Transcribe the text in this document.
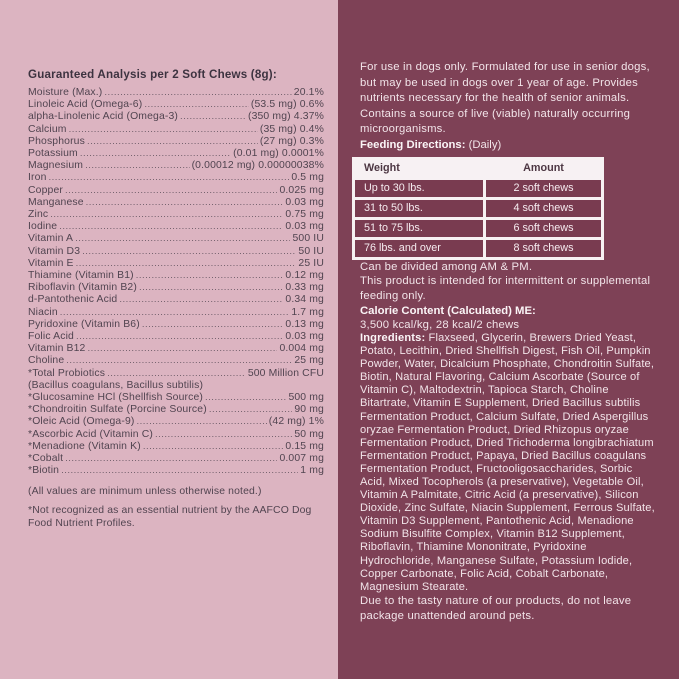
Guaranteed Analysis per 2 Soft Chews (8g):

Moisture (Max.) .....	20.1%
Linoleic Acid (Omega-6) .....	(53.5 mg) 0.6%
alpha-Linolenic Acid (Omega-3) .....	(350 mg) 4.37%
Calcium .....	(35 mg) 0.4%
Phosphorus .....	(27 mg) 0.3%
Potassium .....	(0.01 mg) 0.0001%
Magnesium .....	(0.00012 mg) 0.00000038%
Iron .....	0.5 mg
Copper .....	0.025 mg
Manganese .....	0.03 mg
Zinc .....	0.75 mg
Iodine .....	0.03 mg
Vitamin A .....	500 IU
Vitamin D3 .....	50 IU
Vitamin E .....	25 IU
Thiamine (Vitamin B1) .....	0.12 mg
Riboflavin (Vitamin B2) .....	0.33 mg
d-Pantothenic Acid .....	0.34 mg
Niacin .....	1.7 mg
Pyridoxine (Vitamin B6) .....	0.13 mg
Folic Acid .....	0.03 mg
Vitamin B12 .....	0.004 mg
Choline .....	25 mg
*Total Probiotics .....	500 Million CFU
(Bacillus coagulans, Bacillus subtilis)
*Glucosamine HCl (Shellfish Source) .....	500 mg
*Chondroitin Sulfate (Porcine Source) .....	90 mg
*Oleic Acid (Omega-9) .....	(42 mg) 1%
*Ascorbic Acid (Vitamin C) .....	50 mg
*Menadione (Vitamin K) .....	0.15 mg
*Cobalt .....	0.007 mg
*Biotin .....	1 mg

(All values are minimum unless otherwise noted.)

*Not recognized as an essential nutrient by the AAFCO Dog Food Nutrient Profiles.

For use in dogs only. Formulated for use in senior dogs, but may be used in dogs over 1 year of age. Provides nutrients necessary for the health of senior animals. Contains a source of live (viable) naturally occurring microorganisms.

Feeding Directions: (Daily)

Weight	Amount
Up to 30 lbs.	2 soft chews
31 to 50 lbs.	4 soft chews
51 to 75 lbs.	6 soft chews
76 lbs. and over	8 soft chews

Can be divided among AM & PM.

This product is intended for intermittent or supplemental feeding only.

Calorie Content (Calculated) ME:

3,500 kcal/kg, 28 kcal/2 chews

Ingredients: Flaxseed, Glycerin, Brewers Dried Yeast, Potato, Lecithin, Dried Shellfish Digest, Fish Oil, Pumpkin Powder, Water, Dicalcium Phosphate, Chondroitin Sulfate, Biotin, Natural Flavoring, Calcium Ascorbate (Source of Vitamin C), Maltodextrin, Tapioca Starch, Choline Bitartrate, Vitamin E Supplement, Dried Bacillus subtilis Fermentation Product, Calcium Sulfate, Dried Aspergillus oryzae Fermentation Product, Dried Rhizopus oryzae Fermentation Product, Dried Trichoderma longibrachiatum Fermentation Product, Papaya, Dried Bacillus coagulans Fermentation Product, Fructooligosaccharides, Sorbic Acid, Mixed Tocopherols (a preservative), Vegetable Oil, Vitamin A Palmitate, Citric Acid (a preservative), Silicon Dioxide, Zinc Sulfate, Niacin Supplement, Ferrous Sulfate, Vitamin D3 Supplement, Pantothenic Acid, Menadione Sodium Bisulfite Complex, Vitamin B12 Supplement, Riboflavin, Thiamine Mononitrate, Pyridoxine Hydrochloride, Manganese Sulfate, Potassium Iodide, Copper Carbonate, Folic Acid, Cobalt Carbonate, Magnesium Stearate.

Due to the tasty nature of our products, do not leave package unattended around pets.
